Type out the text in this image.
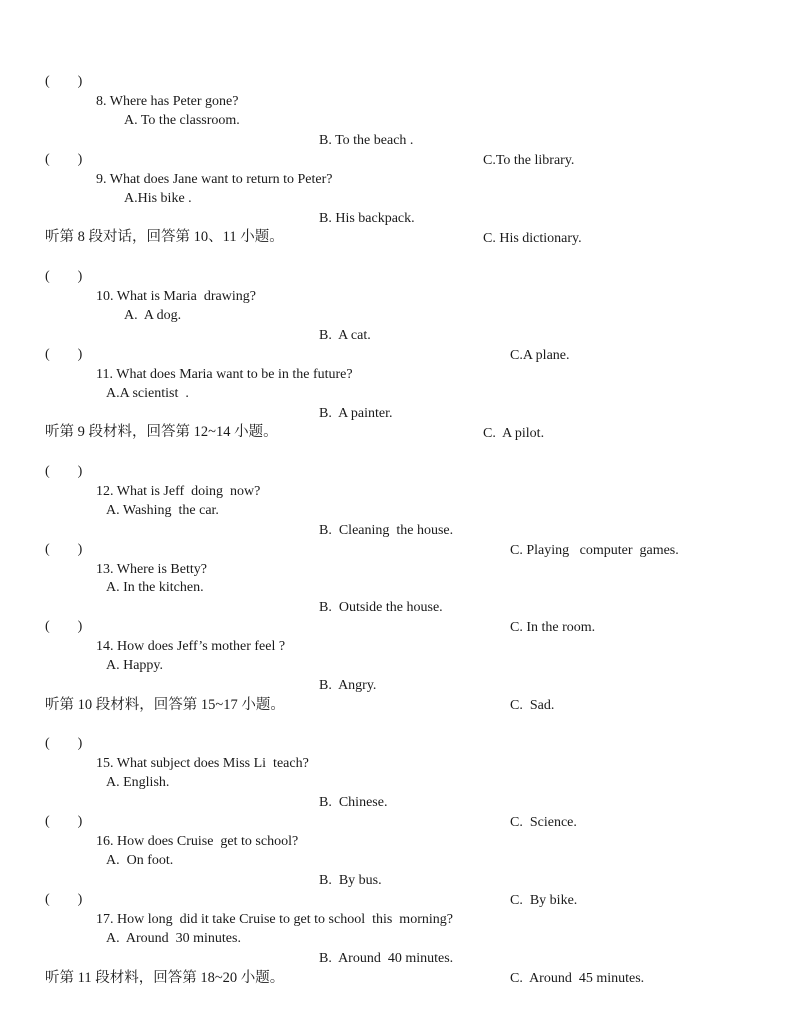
(        )

8. Where has Peter gone?

A. To the classroom.

B. To the beach .

C.To the library.

(        )

9. What does Jane want to return to Peter?

A.His bike .

B. His backpack.

C. His dictionary.

听第 8 段对话，回答第 10、11 小题。

(        )

10. What is Maria  drawing?

A.  A dog.

B.  A cat.

C.A plane.

(        )

11. What does Maria want to be in the future?

A.A scientist  .

B.  A painter.

C.  A pilot.

听第 9 段材料，回答第 12~14 小题。

(        )

12. What is Jeff  doing  now?

A. Washing  the car.

B.  Cleaning  the house.

C. Playing   computer  games.

(        )

13. Where is Betty?

A. In the kitchen.

B.  Outside the house.

C. In the room.

(        )

14. How does Jeff’s mother feel ?

A. Happy.

B.  Angry.

C.  Sad.

听第 10 段材料，回答第 15~17 小题。

(        )

15. What subject does Miss Li  teach?

A. English.

B.  Chinese.

C.  Science.

(        )

16. How does Cruise  get to school?

A.  On foot.

B.  By bus.

C.  By bike.

(        )

17. How long  did it take Cruise to get to school  this  morning?

A.  Around  30 minutes.

B.  Around  40 minutes.

C.  Around  45 minutes.

听第 11 段材料，回答第 18~20 小题。
